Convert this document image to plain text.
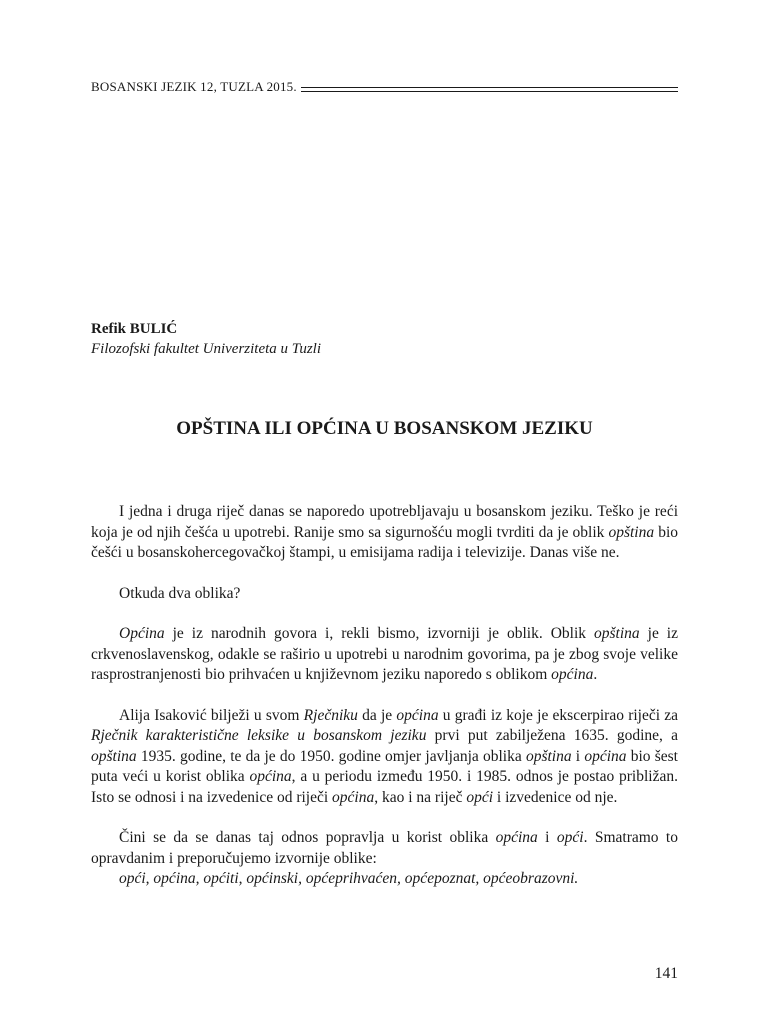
BOSANSKI JEZIK 12, TUZLA 2015.
Refik BULIĆ
Filozofski fakultet Univerziteta u Tuzli
OPŠTINA ILI OPĆINA U BOSANSKOM JEZIKU

I jedna i druga riječ danas se naporedo upotrebljavaju u bosanskom jeziku. Teško je reći koja je od njih češća u upotrebi. Ranije smo sa sigurnošću mogli tvrditi da je oblik opština bio češći u bosanskohercegovačkoj štampi, u emisijama radija i televizije. Danas više ne.

Otkuda dva oblika?

Općina je iz narodnih govora i, rekli bismo, izvorniji je oblik. Oblik opština je iz crkvenoslavenskog, odakle se raširio u upotrebi u narodnim govorima, pa je zbog svoje velike rasprostranjenosti bio prihvaćen u književnom jeziku naporedo s oblikom općina.

Alija Isaković bilježi u svom Rječniku da je općina u građi iz koje je ekscerpirao riječi za Rječnik karakteristične leksike u bosanskom jeziku prvi put zabilježena 1635. godine, a opština 1935. godine, te da je do 1950. godine omjer javljanja oblika opština i općina bio šest puta veći u korist oblika općina, a u periodu između 1950. i 1985. odnos je postao približan. Isto se odnosi i na izvedenice od riječi općina, kao i na riječ opći i izvedenice od nje.

Čini se da se danas taj odnos popravlja u korist oblika općina i opći. Smatramo to opravdanim i preporučujemo izvornije oblike:

opći, općina, općiti, općinski, općeprihvaćen, općepoznat, općeobrazovni.

141
